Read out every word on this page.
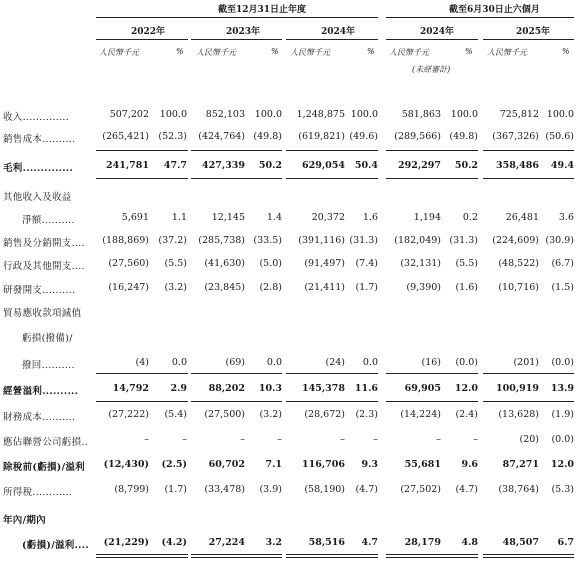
截至12月31日止年度	截至6月30日止六個月
2022年	2023年	2024年	2024年	2025年
人民幣千元	% 人民幣千元	% 人民幣千元	% 人民幣千元	% 人民幣千元	%
(未經審計)
收入..............	507,202 100.0 852,103 100.0 1,248,875 100.0 581,863 100.0 725,812 100.0
銷售成本..........	(265,421) (52.3) (424,764) (49.8) (619,821) (49.6) (289,566) (49.8) (367,326) (50.6)
毛利..............	241,781 47.7 427,339 50.2 629,054 50.4 292,297 50.2 358,486 49.4
其他收入及收益
淨額..........	5,691 1.1	12,145 1.4	20,372 1.6	1,194 0.2	26,481 3.6
銷售及分銷開支.... (188,869) (37.2) (285,738) (33.5) (391,116) (31.3) (182,049) (31.3) (224,609) (30.9)
行政及其他開支.... (27,560) (5.5) (41,630) (5.0) (91,497) (7.4) (32,131) (5.5) (48,522) (6.7)
研發開支..........	(16,247) (3.2) (23,845) (2.8) (21,411) (1.7)	(9,390) (1.6) (10,716) (1.5)
貿易應收款項減值
虧損(撥備)/
撥回..........	(4) 0.0	(69) 0.0	(24) 0.0	(16) (0.0)	(201) (0.0)
經營溢利..........	14,792 2.9 88,202 10.3 145,378 11.6	69,905 12.0 100,919 13.9
財務成本..........	(27,222) (5.4) (27,500) (3.2) (28,672) (2.3) (14,224) (2.4) (13,628) (1.9)
應佔聯營公司虧損..	–	–	–	–	–	–	–	–	(20) (0.0)
除稅前(虧損)/溢利 (12,430) (2.5) 60,702 7.1 116,706 9.3	55,681 9.6	87,271 12.0
所得稅............	(8,799) (1.7) (33,478) (3.9) (58,190) (4.7) (27,502) (4.7) (38,764) (5.3)
年內/期內
(虧損)/溢利.... (21,229) (4.2) 27,224 3.2	58,516 4.7	28,179 4.8	48,507 6.7
